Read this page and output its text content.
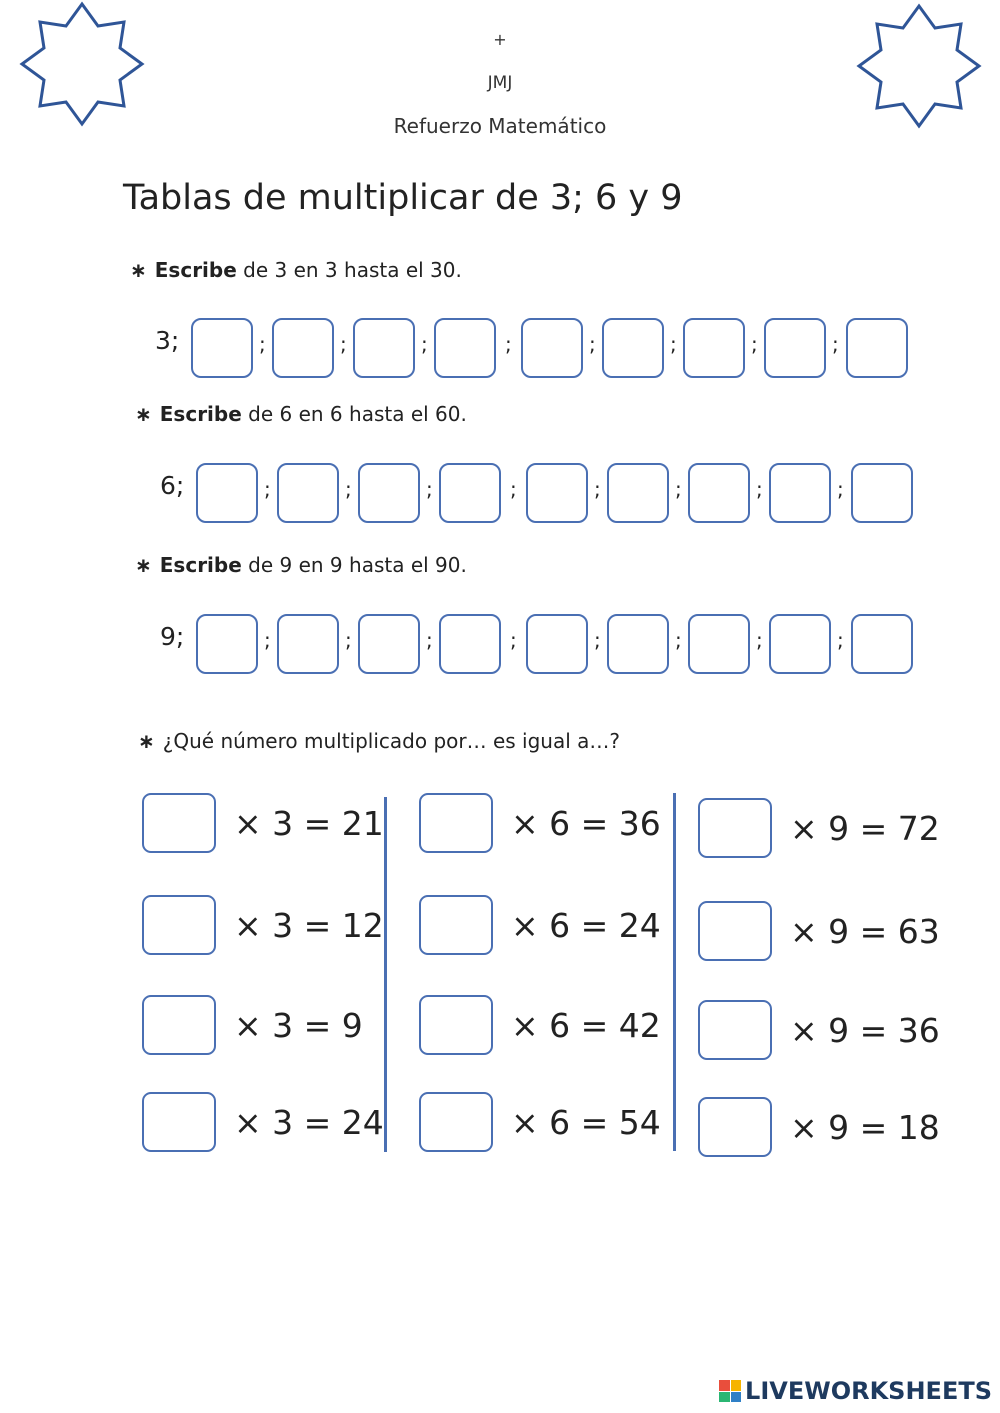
+
JMJ
Refuerzo Matemático
Tablas de multiplicar de 3; 6 y 9
∗ Escribe de 3 en 3 hasta el 30.
3;	;	;	;	;	;	;	;	;
∗ Escribe de 6 en 6 hasta el 60.
6;	;	;	;	;	;	;	;	;
∗ Escribe de 9 en 9 hasta el 90.
9;	;	;	;	;	;	;	;	;
∗ ¿Qué número multiplicado por… es igual a…?
× 3 = 21
× 3 = 12
× 3 = 9
× 3 = 24
× 6 = 36
× 6 = 24
× 6 = 42
× 6 = 54
× 9 = 72
× 9 = 63
× 9 = 36
× 9 = 18
LIVEWORKSHEETS
